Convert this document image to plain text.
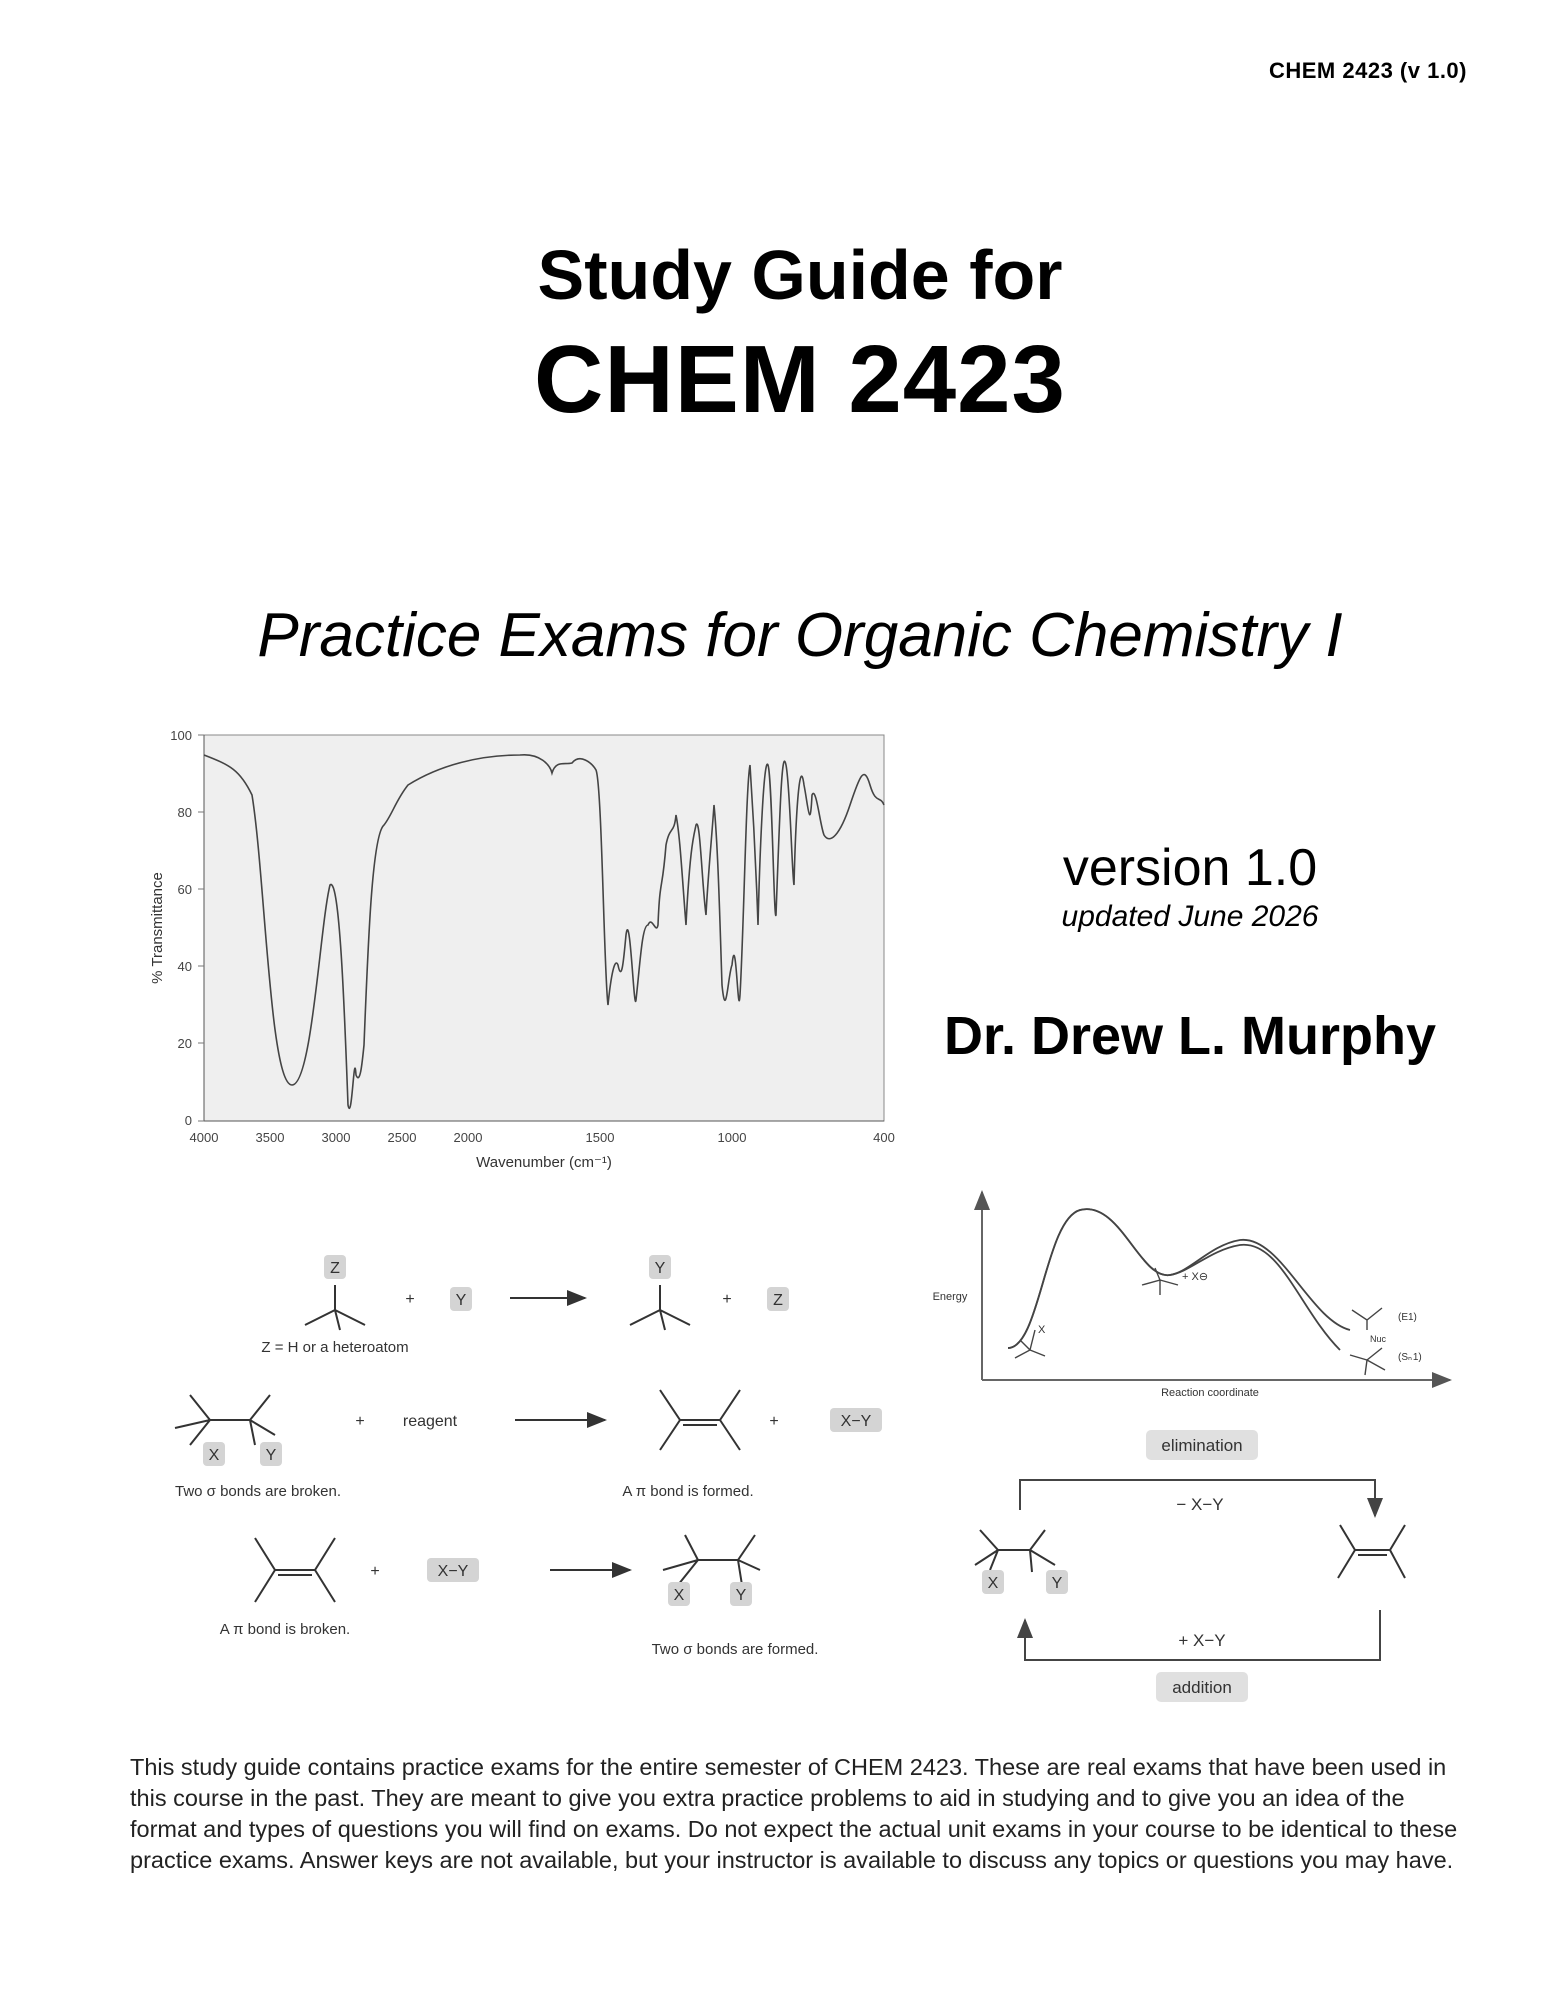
CHEM 2423 (v 1.0)
Study Guide for
CHEM 2423
Practice Exams for Organic Chemistry I
100
80
60
40
20
0
4000	3500	3000	2500	2000	1500	1000	400
Wavenumber (cm⁻¹)
% Transmittance
version 1.0
updated June 2026
Dr. Drew L. Murphy
Z
+	Y
Y
+	Z
Z = H or a heteroatom
X	Y
+ reagent	+	X−Y
Two σ bonds are broken.	A π bond is formed.
+	X−Y
X	Y
A π bond is broken.
Two σ bonds are formed.
Energy
Reaction coordinate
X
+ X⊖
(E1)
Nuc
(Sₙ 1)
elimination
− X−Y
X	Y
+ X−Y
addition
This study guide contains practice exams for the entire semester of CHEM 2423. These are real exams that have been used in this course in the past. They are meant to give you extra practice problems to aid in studying and to give you an idea of the format and types of questions you will find on exams. Do not expect the actual unit exams in your course to be identical to these practice exams. Answer keys are not available, but your instructor is available to discuss any topics or questions you may have.
